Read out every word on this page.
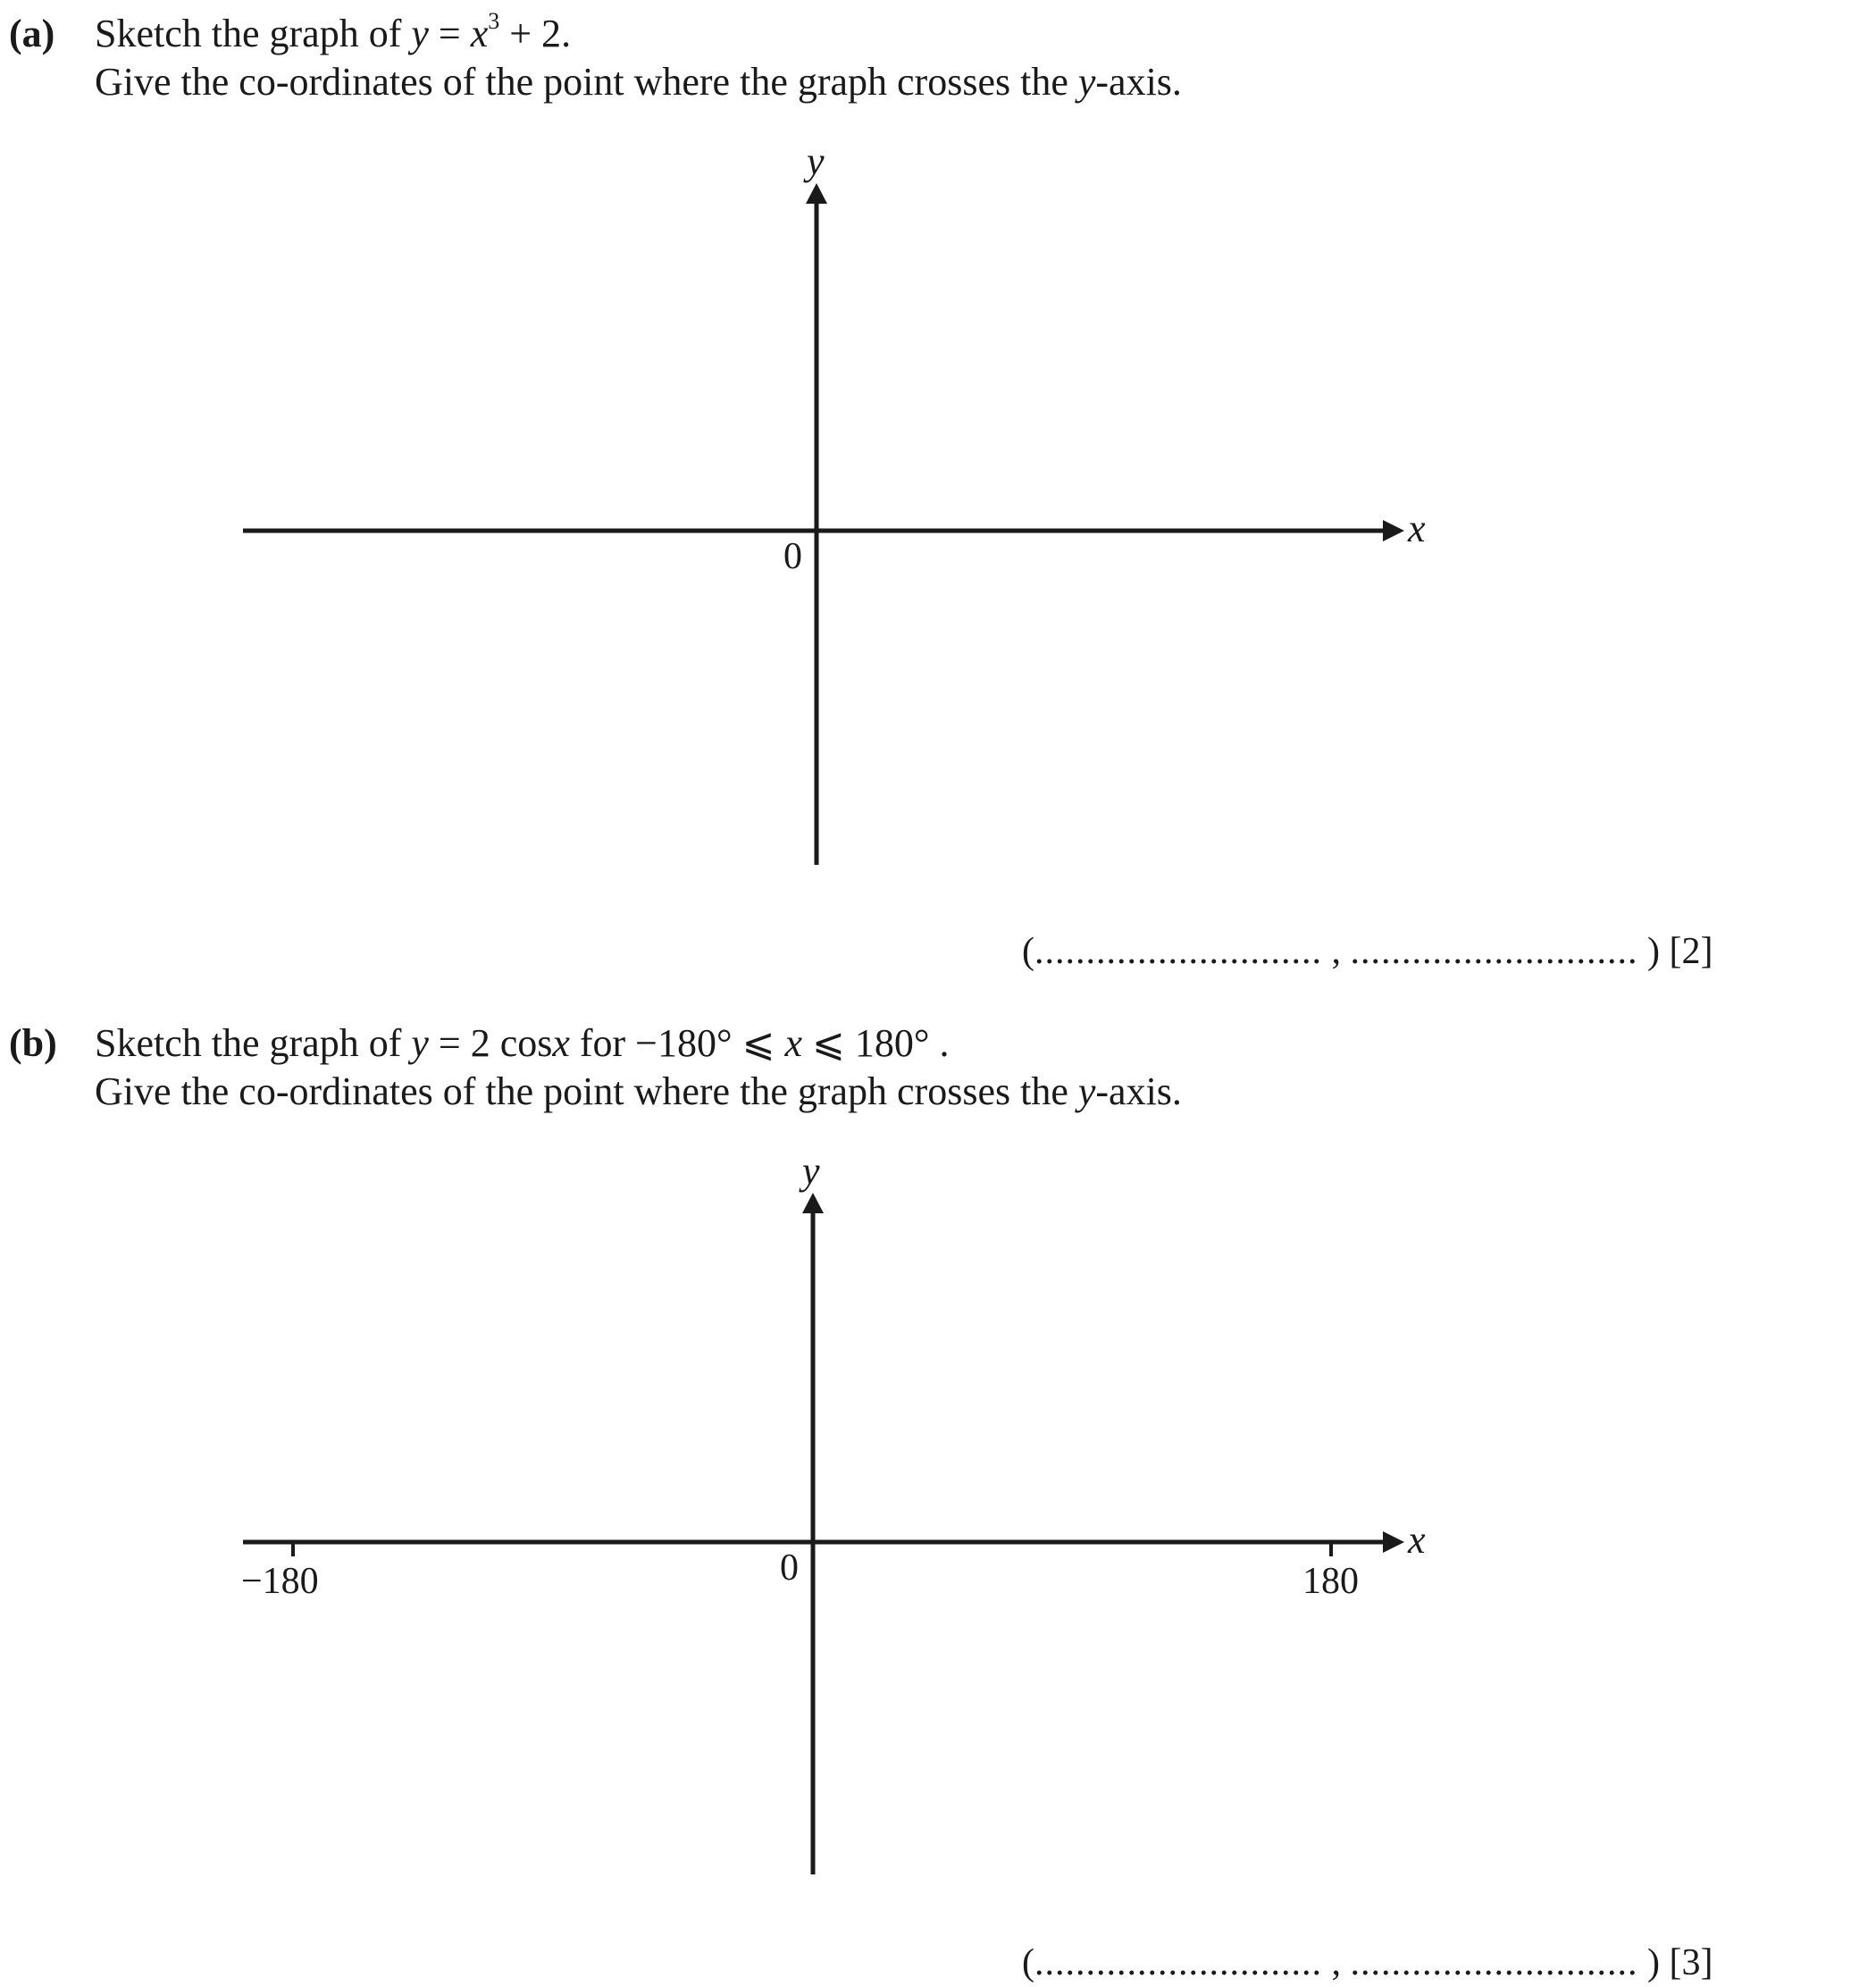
(a) Sketch the graph of $y = x^3 + 2$.
Give the co-ordinates of the point where the graph crosses the y-axis.
y
x
0
(............................ , ............................ ) [2]
(b) Sketch the graph of y = 2 cosx for −180° ⩽ x ⩽ 180° .
Give the co-ordinates of the point where the graph crosses the y-axis.
y
x
0
−180	180
(............................ , ............................ ) [3]
